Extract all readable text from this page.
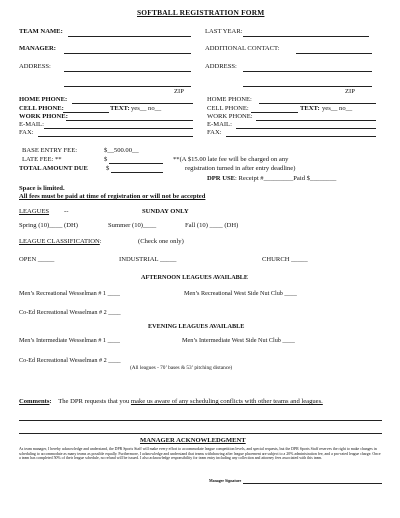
SOFTBALL REGISTRATION FORM
TEAM NAME:	LAST YEAR:
MANAGER:	ADDITIONAL CONTACT:
ADDRESS:	ADDRESS:
ZIP	ZIP
HOME PHONE:
CELL PHONE:	TEXT: yes__ no__
WORK PHONE:
E-MAIL:
FAX:
HOME PHONE:
CELL PHONE:	TEXT: yes__ no__
WORK PHONE:
E-MAIL:
FAX:
BASE ENTRY FEE:	$__500.00__
LATE FEE: **	$
TOTAL AMOUNT DUE	$
**(A $15.00 late fee will be charged on any
registration turned in after entry deadline)
DPR USE: Receipt #_________Paid $________
Space is limited.
All fees must be paid at time of registration or will not be accepted
LEAGUES --	SUNDAY ONLY
Spring (10)____ (DH)	Summer (10)____	Fall (10) ____ (DH)
LEAGUE CLASSIFICATION:	(Check one only)
OPEN _____	INDUSTRIAL _____	CHURCH _____
AFTERNOON LEAGUES AVAILABLE
Men’s Recreational Wesselman # 1 ____	Men’s Recreational West Side Nut Club ____
Co-Ed Recreational Wesselman # 2 ____
EVENING LEAGUES AVAILABLE
Men’s Intermediate Wesselman # 1 ____	Men’s Intermediate West Side Nut Club ____
Co-Ed Recreational Wesselman # 2 ____
(All leagues - 70’ bases & 53’ pitching distance)
Comments: The DPR requests that you make us aware of any scheduling conflicts with other teams and leagues.
MANAGER ACKNOWLEDGMENT
As team manager, I hereby acknowledge and understand, the DPR Sports Staff will make every effort to accommodate league competition levels, and special requests, but the DPR Sports Staff reserves the right to make changes in scheduling to accommodate as many teams as possible equally. Furthermore, I acknowledge and understand that teams withdrawing after league placement are subject to a 20% administration fee, and a pro-rated league charge. Once a team has completed 50% of their league schedule, no refund will be issued. I also acknowledge responsibility for team entry including any collection and attorney fees associated with this team.
Manager Signature
